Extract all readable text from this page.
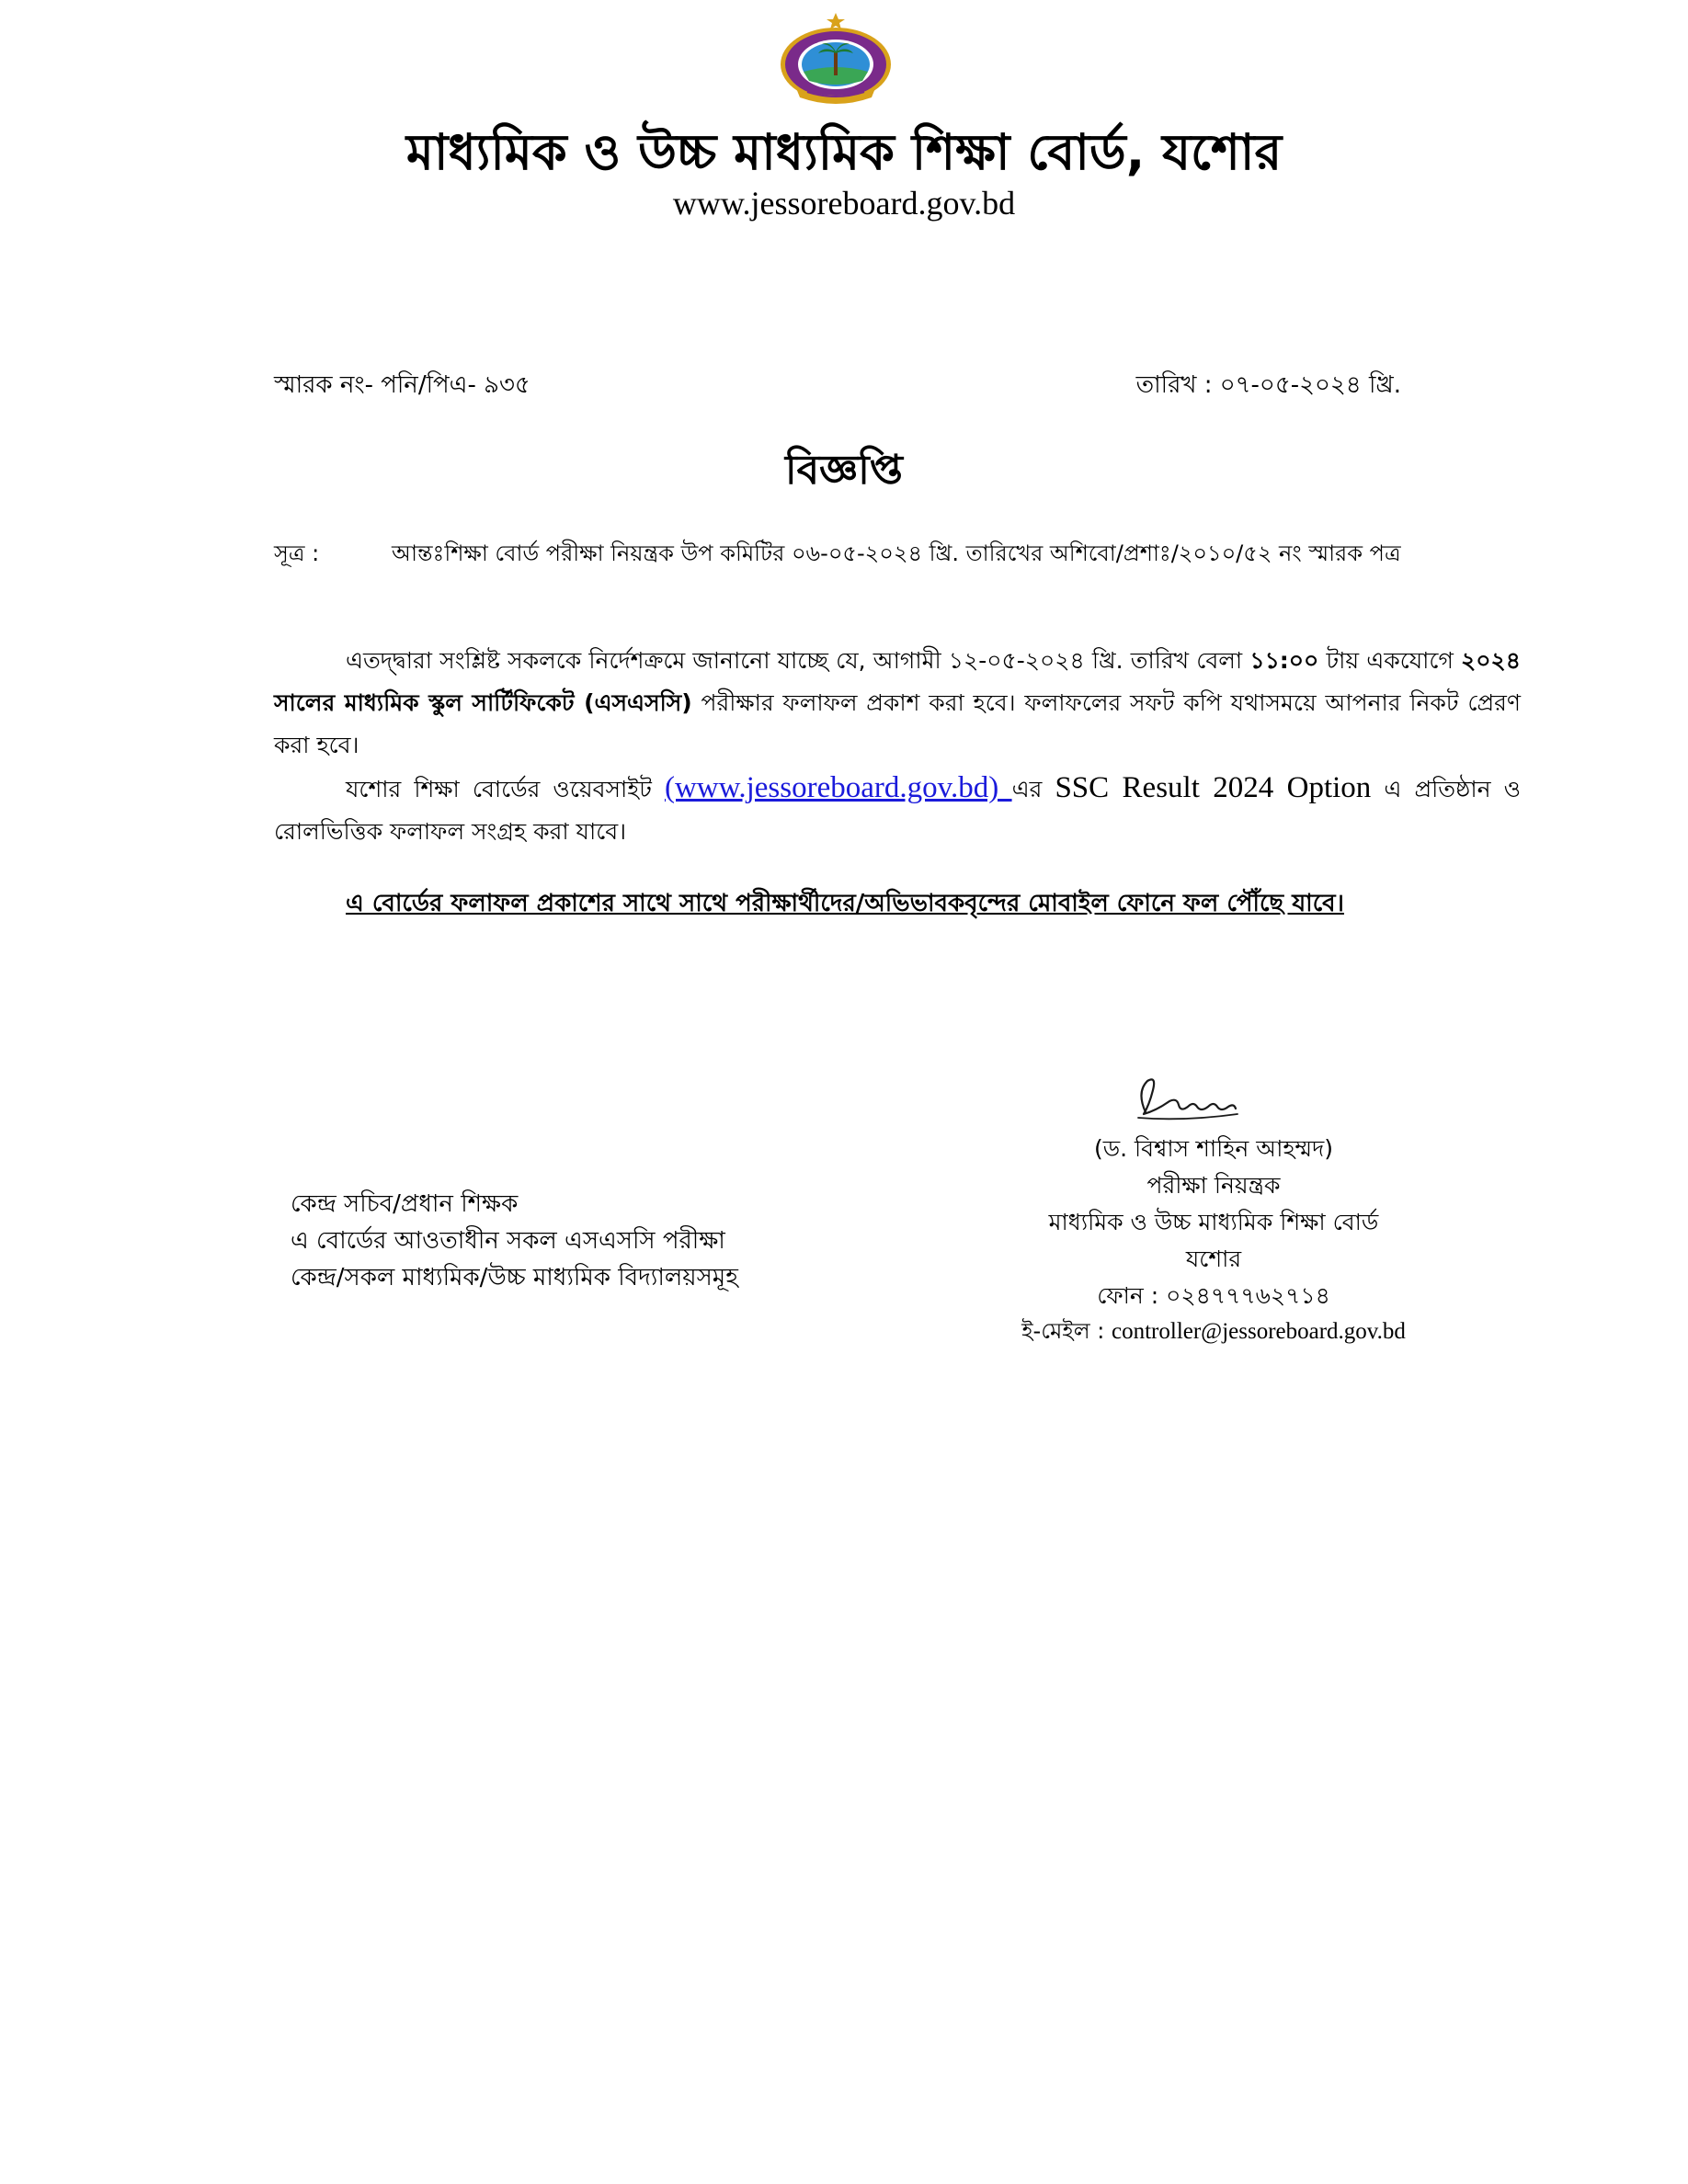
মাধ্যমিক ও উচ্চ মাধ্যমিক শিক্ষা বোর্ড, যশোর
www.jessoreboard.gov.bd
স্মারক নং- পনি/পিএ- ৯৩৫	তারিখ : ০৭-০৫-২০২৪ খ্রি.
বিজ্ঞপ্তি
সূত্র :	আন্তঃশিক্ষা বোর্ড পরীক্ষা নিয়ন্ত্রক উপ কমিটির ০৬-০৫-২০২৪ খ্রি. তারিখের অশিবো/প্রশাঃ/২০১০/৫২ নং স্মারক পত্র
এতদ্দ্বারা সংশ্লিষ্ট সকলকে নির্দেশক্রমে জানানো যাচ্ছে যে, আগামী ১২-০৫-২০২৪ খ্রি. তারিখ বেলা ১১:০০ টায় একযোগে ২০২৪ সালের মাধ্যমিক স্কুল সার্টিফিকেট (এসএসসি) পরীক্ষার ফলাফল প্রকাশ করা হবে। ফলাফলের সফট কপি যথাসময়ে আপনার নিকট প্রেরণ করা হবে।
যশোর শিক্ষা বোর্ডের ওয়েবসাইট (www.jessoreboard.gov.bd) এর SSC Result 2024 Option এ প্রতিষ্ঠান ও রোলভিত্তিক ফলাফল সংগ্রহ করা যাবে।
এ বোর্ডের ফলাফল প্রকাশের সাথে সাথে পরীক্ষার্থীদের/অভিভাবকবৃন্দের মোবাইল ফোনে ফল পৌঁছে যাবে।
(ড. বিশ্বাস শাহিন আহম্মদ)
পরীক্ষা নিয়ন্ত্রক
মাধ্যমিক ও উচ্চ মাধ্যমিক শিক্ষা বোর্ড
যশোর
ফোন : ০২৪৭৭৭৬২৭১৪
ই-মেইল : controller@jessoreboard.gov.bd
কেন্দ্র সচিব/প্রধান শিক্ষক
এ বোর্ডের আওতাধীন সকল এসএসসি পরীক্ষা
কেন্দ্র/সকল মাধ্যমিক/উচ্চ মাধ্যমিক বিদ্যালয়সমূহ
